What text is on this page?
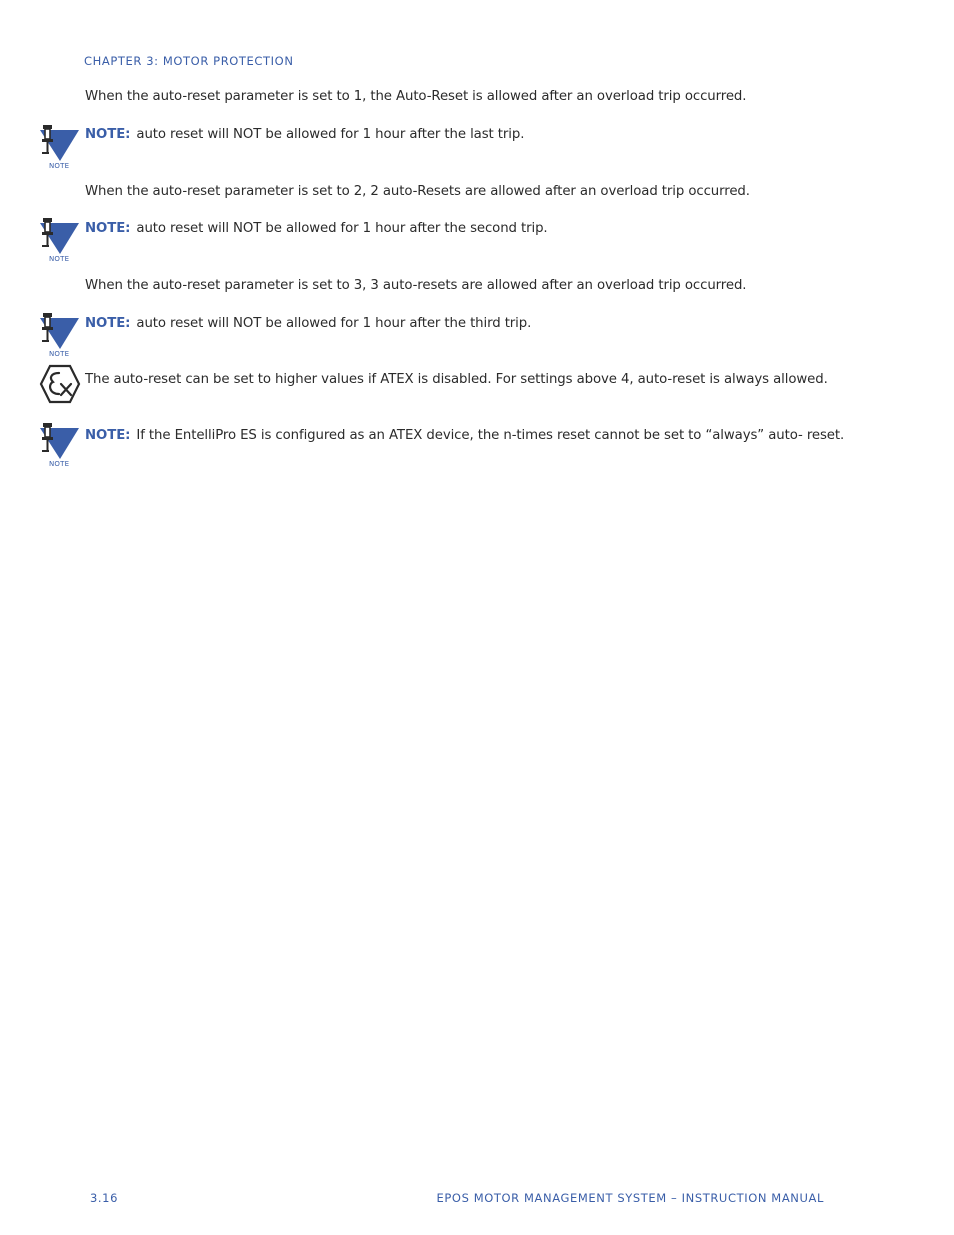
CHAPTER 3: MOTOR PROTECTION
When the auto-reset parameter is set to 1, the Auto-Reset is allowed after an overload trip occurred.
NOTE
NOTE: auto reset will NOT be allowed for 1 hour after the last trip.
When the auto-reset parameter is set to 2, 2 auto-Resets are allowed after an overload trip occurred.
NOTE
NOTE: auto reset will NOT be allowed for 1 hour after the second trip.
When the auto-reset parameter is set to 3, 3 auto-resets are allowed after an overload trip occurred.
NOTE
NOTE: auto reset will NOT be allowed for 1 hour after the third trip.
The auto-reset can be set to higher values if ATEX is disabled. For settings above 4, auto-reset is always allowed.
NOTE
NOTE: If the EntelliPro ES is configured as an ATEX device, the n-times reset cannot be set to “always” auto- reset.
3.16	EPOS MOTOR MANAGEMENT SYSTEM – INSTRUCTION MANUAL
